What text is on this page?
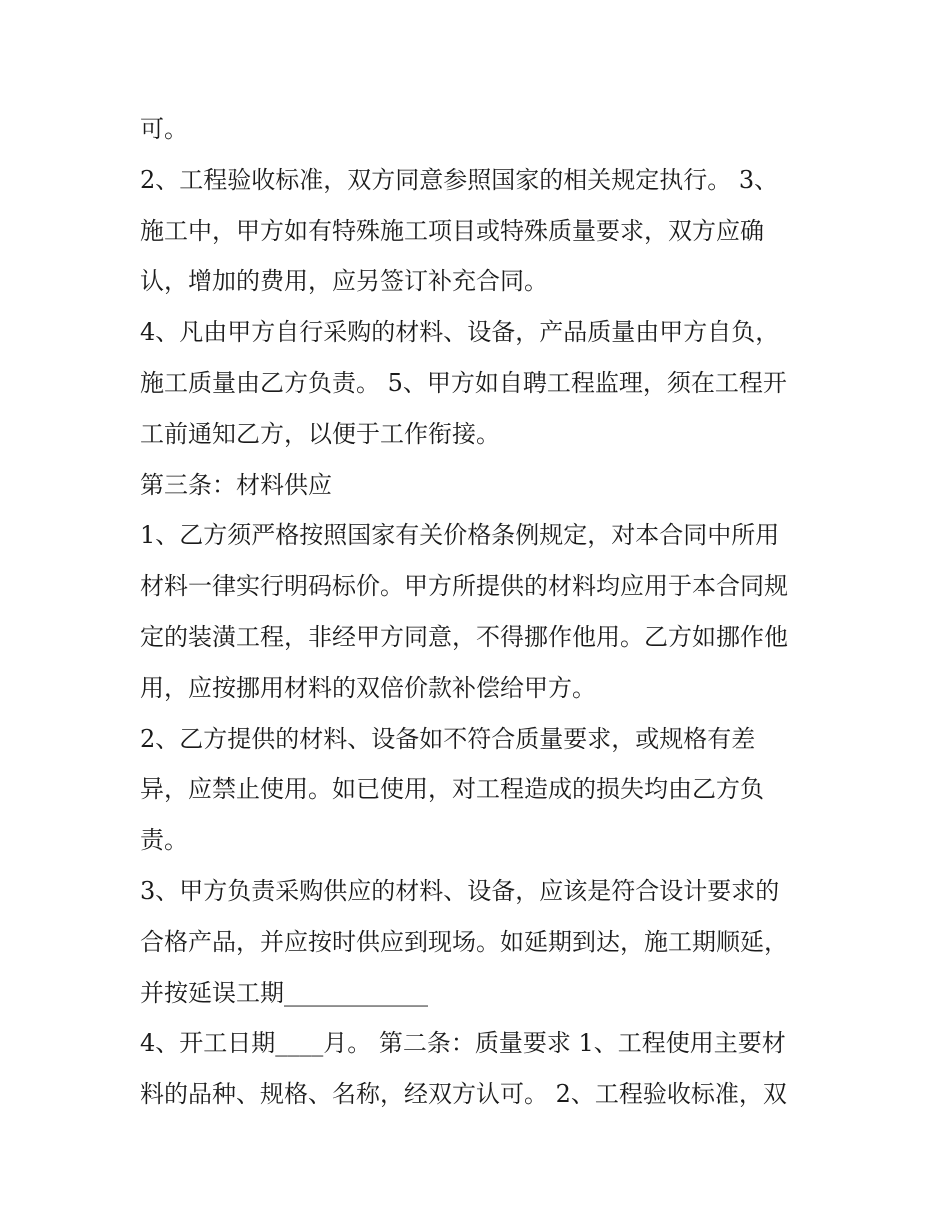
可。
2、工程验收标准，双方同意参照国家的相关规定执行。 3、
施工中，甲方如有特殊施工项目或特殊质量要求，双方应确
认，增加的费用，应另签订补充合同。
4、凡由甲方自行采购的材料、设备，产品质量由甲方自负，
施工质量由乙方负责。 5、甲方如自聘工程监理，须在工程开
工前通知乙方，以便于工作衔接。
第三条：材料供应
1、乙方须严格按照国家有关价格条例规定，对本合同中所用
材料一律实行明码标价。甲方所提供的材料均应用于本合同规
定的装潢工程，非经甲方同意，不得挪作他用。乙方如挪作他
用，应按挪用材料的双倍价款补偿给甲方。
2、乙方提供的材料、设备如不符合质量要求，或规格有差
异，应禁止使用。如已使用，对工程造成的损失均由乙方负
责。
3、甲方负责采购供应的材料、设备，应该是符合设计要求的
合格产品，并应按时供应到现场。如延期到达，施工期顺延，
并按延误工期____________
4、开工日期____月。 第二条：质量要求 1、工程使用主要材
料的品种、规格、名称，经双方认可。 2、工程验收标准，双
